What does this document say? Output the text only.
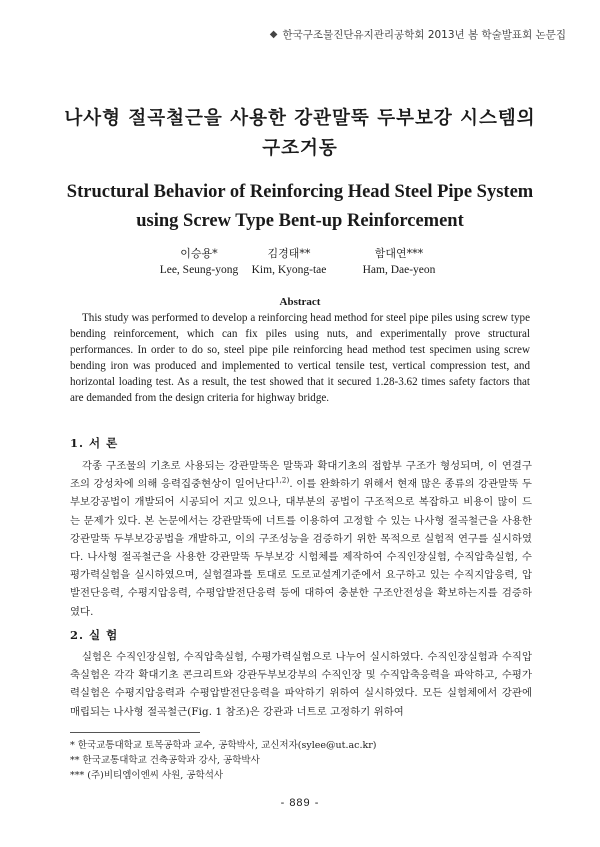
◆ 한국구조물진단유지관리공학회 2013년 봄 학술발표회 논문집
나사형 절곡철근을 사용한 강관말뚝 두부보강 시스템의
구조거동
Structural Behavior of Reinforcing Head Steel Pipe System
using Screw Type Bent-up Reinforcement
이승용*
Lee, Seung-yong
김경태**
Kim, Kyong-tae
함대연***
Ham, Dae-yeon
Abstract
This study was performed to develop a reinforcing head method for steel pipe piles using screw type bending reinforcement, which can fix piles using nuts, and experimentally prove structural performances. In order to do so, steel pipe pile reinforcing head method test specimen using screw bending iron was produced and implemented to vertical tensile test, vertical compression test, and horizontal loading test. As a result, the test showed that it secured 1.28-3.62 times safety factors that are demanded from the design criteria for highway bridge.
1. 서 론
각종 구조물의 기초로 사용되는 강관말뚝은 말뚝과 확대기초의 접합부 구조가 형성되며, 이 연결구조의 강성차에 의해 응력집중현상이 일어난다$^{1,2)}$. 이를 완화하기 위해서 현재 많은 종류의 강관말뚝 두부보강공법이 개발되어 시공되어 지고 있으나, 대부분의 공법이 구조적으로 복잡하고 비용이 많이 드는 문제가 있다. 본 논문에서는 강관말뚝에 너트를 이용하여 고정할 수 있는 나사형 절곡철근을 사용한 강관말뚝 두부보강공법을 개발하고, 이의 구조성능을 검증하기 위한 목적으로 실험적 연구를 실시하였다. 나사형 절곡철근을 사용한 강관말뚝 두부보강 시험체를 제작하여 수직인장실험, 수직압축실험, 수평가력실험을 실시하였으며, 실험결과를 토대로 도로교설계기준에서 요구하고 있는 수직지압응력, 압발전단응력, 수평지압응력, 수평압발전단응력 등에 대하여 충분한 구조안전성을 확보하는지를 검증하였다.
2. 실 험
실험은 수직인장실험, 수직압축실험, 수평가력실험으로 나누어 실시하였다. 수직인장실험과 수직압축실험은 각각 확대기초 콘크리트와 강관두부보강부의 수직인장 및 수직압축응력을 파악하고, 수평가력실험은 수평지압응력과 수평압발전단응력을 파악하기 위하여 실시하였다. 모든 실험체에서 강관에 매립되는 나사형 절곡철근(Fig. 1 참조)은 강관과 너트로 고정하기 위하여
* 한국교통대학교 토목공학과 교수, 공학박사, 교신저자(sylee@ut.ac.kr)
** 한국교통대학교 건축공학과 강사, 공학박사
*** (주)비티엠이엔씨 사원, 공학석사
- 889 -
